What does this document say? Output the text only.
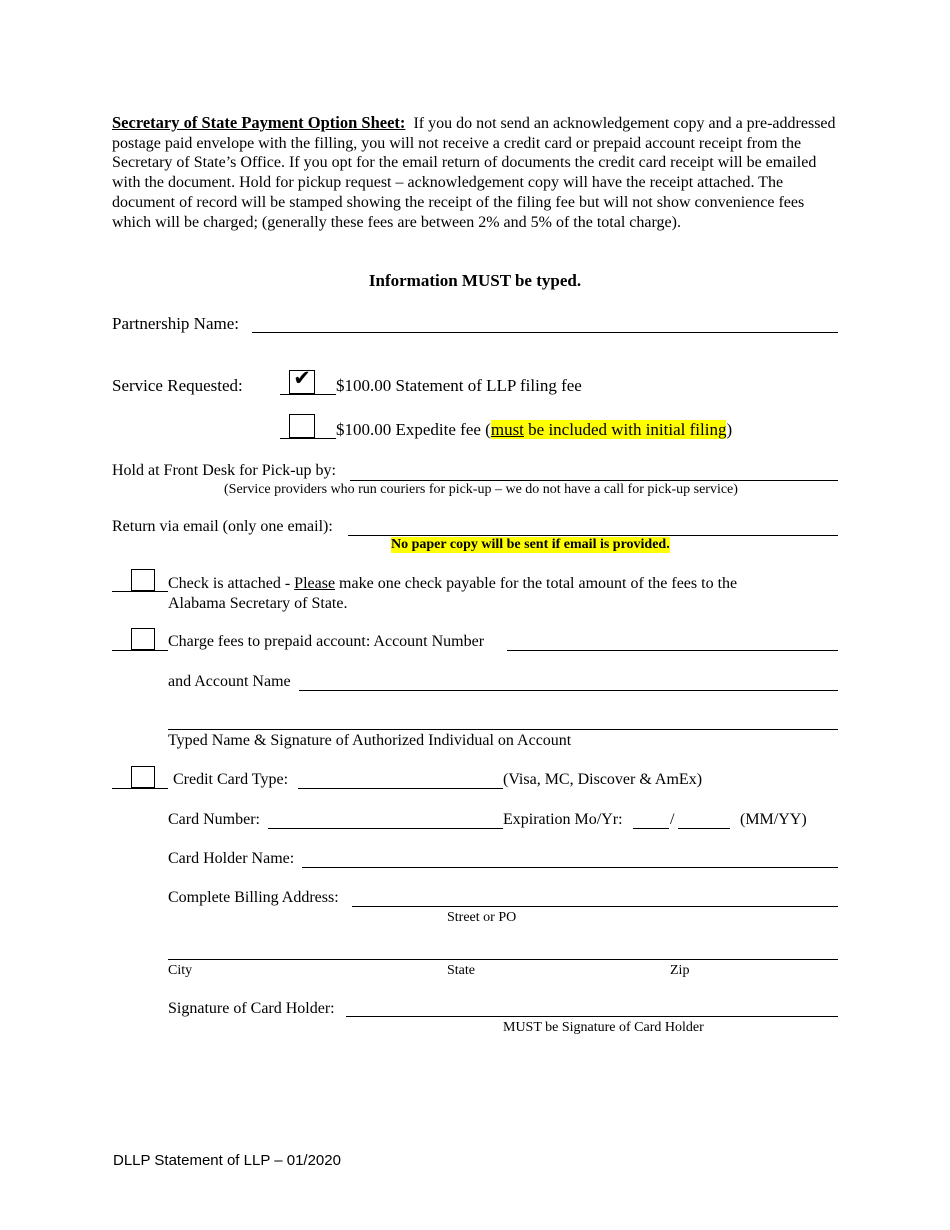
Secretary of State Payment Option Sheet: If you do not send an acknowledgement copy and a pre-addressed postage paid envelope with the filling, you will not receive a credit card or prepaid account receipt from the Secretary of State’s Office. If you opt for the email return of documents the credit card receipt will be emailed with the document. Hold for pickup request – acknowledgement copy will have the receipt attached. The document of record will be stamped showing the receipt of the filing fee but will not show convenience fees which will be charged; (generally these fees are between 2% and 5% of the total charge).
Information MUST be typed.
Partnership Name:
Service Requested: ✔ $100.00 Statement of LLP filing fee
$100.00 Expedite fee (must be included with initial filing)
Hold at Front Desk for Pick-up by:
(Service providers who run couriers for pick-up – we do not have a call for pick-up service)
Return via email (only one email):
No paper copy will be sent if email is provided.
Check is attached - Please make one check payable for the total amount of the fees to the
Alabama Secretary of State.
Charge fees to prepaid account: Account Number
and Account Name
Typed Name & Signature of Authorized Individual on Account
Credit Card Type:	(Visa, MC, Discover & AmEx)
Card Number:	Expiration Mo/Yr:	/	(MM/YY)
Card Holder Name:
Complete Billing Address:
Street or PO
City	State	Zip
Signature of Card Holder:
MUST be Signature of Card Holder
DLLP Statement of LLP – 01/2020
